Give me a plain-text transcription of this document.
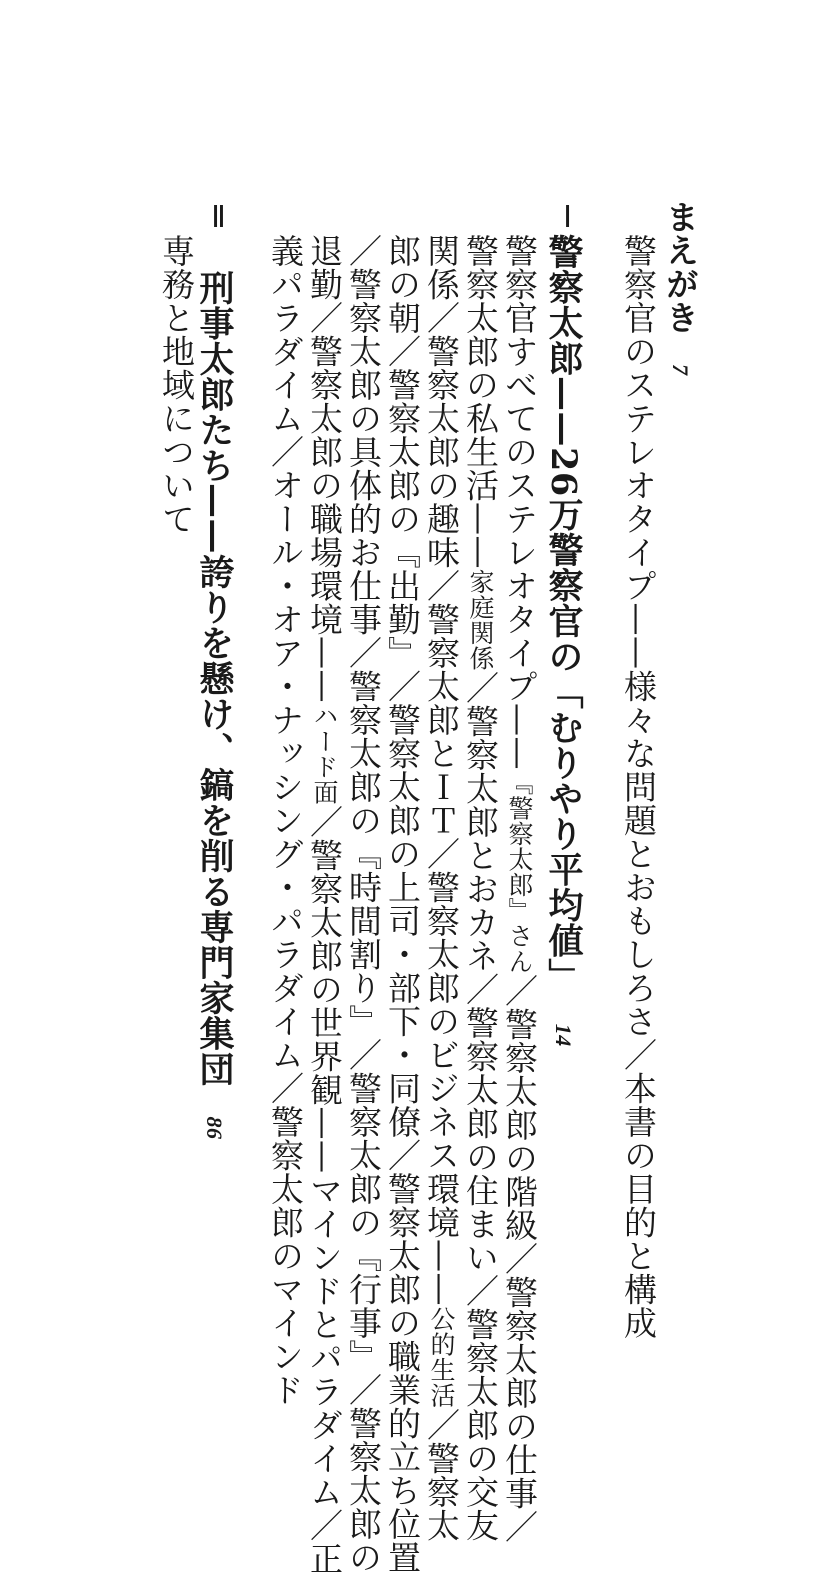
まえがき7
警察官のステレオタイプ——様々な問題とおもしろさ／本書の目的と構成
Ⅰ
警察太郎——26万警察官の「むりやり平均値」14
警察官すべてのステレオタイプ——『警察太郎』さん／警察太郎の階級／警察太郎の仕事／
警察太郎の私生活——家庭関係／警察太郎とおカネ／警察太郎の住まい／警察太郎の交友
関係／警察太郎の趣味／警察太郎とＩＴ／警察太郎のビジネス環境——公的生活／警察太
郎の朝／警察太郎の『出勤』／警察太郎の上司・部下・同僚／警察太郎の職業的立ち位置
／警察太郎の具体的お仕事／警察太郎の『時間割り』／警察太郎の『行事』／警察太郎の
退勤／警察太郎の職場環境——ハード面／警察太郎の世界観——マインドとパラダイム／正
義パラダイム／オール・オア・ナッシング・パラダイム／警察太郎のマインド
Ⅱ
刑事太郎たち——誇りを懸け、鎬を削る専門家集団86
専務と地域について
